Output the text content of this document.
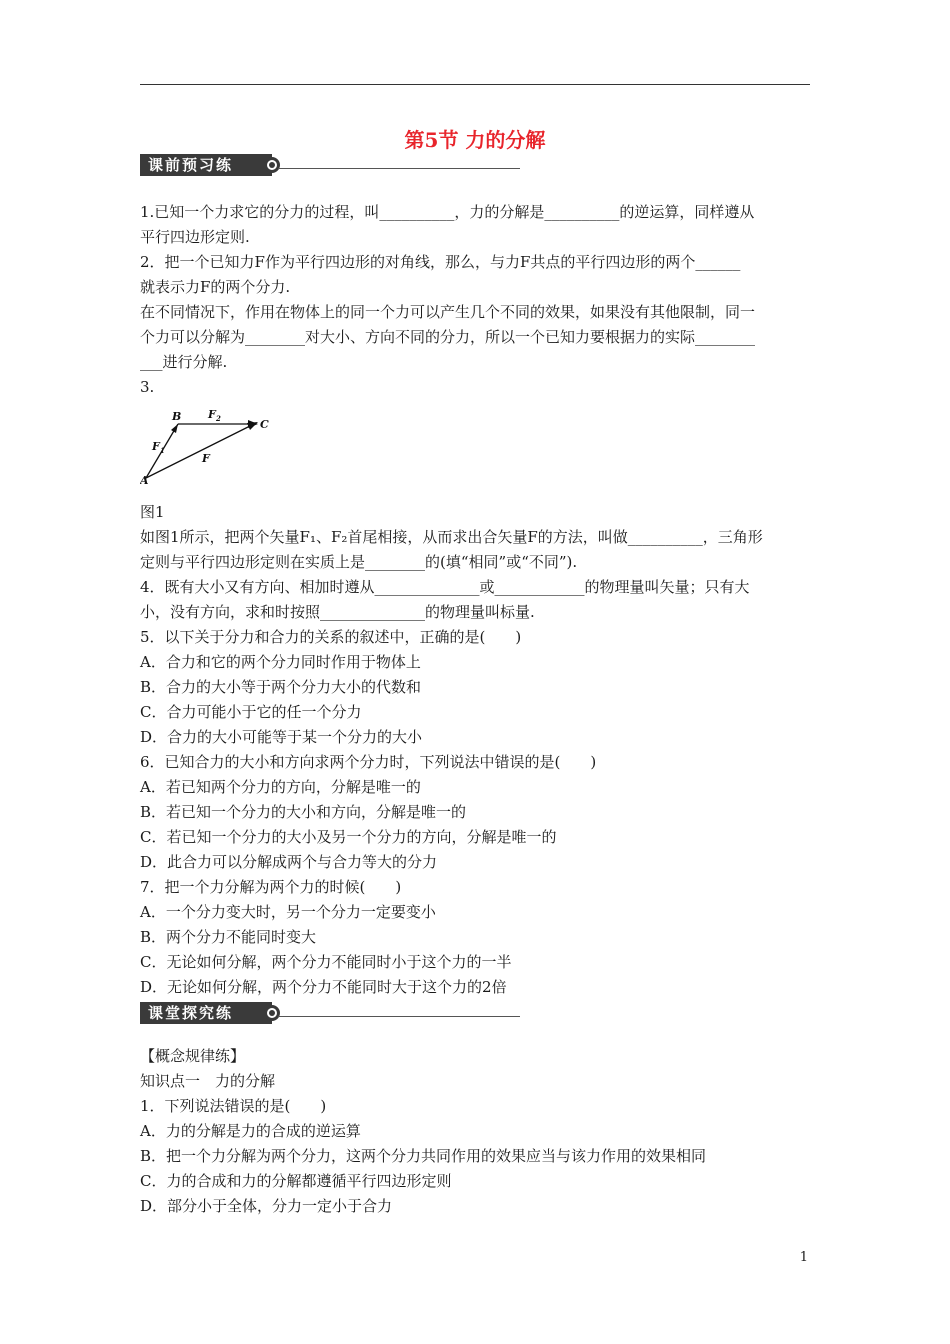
第5节 力的分解
课前预习练

1.已知一个力求它的分力的过程，叫__________，力的分解是__________的逆运算，同样遵从

平行四边形定则.

2．把一个已知力F作为平行四边形的对角线，那么，与力F共点的平行四边形的两个______

就表示力F的两个分力.

在不同情况下，作用在物体上的同一个力可以产生几个不同的效果，如果没有其他限制，同一

个力可以分解为________对大小、方向不同的分力，所以一个已知力要根据力的实际________

___进行分解.

3.

A
B
C
F 1
F 2
F

图1

如图1所示，把两个矢量F₁、F₂首尾相接，从而求出合矢量F的方法，叫做__________，三角形

定则与平行四边形定则在实质上是________的(填“相同”或“不同”).

4．既有大小又有方向、相加时遵从______________或____________的物理量叫矢量；只有大

小，没有方向，求和时按照______________的物理量叫标量.

5．以下关于分力和合力的关系的叙述中，正确的是(　　)

A．合力和它的两个分力同时作用于物体上

B．合力的大小等于两个分力大小的代数和

C．合力可能小于它的任一个分力

D．合力的大小可能等于某一个分力的大小

6．已知合力的大小和方向求两个分力时，下列说法中错误的是(　　)

A．若已知两个分力的方向，分解是唯一的

B．若已知一个分力的大小和方向，分解是唯一的

C．若已知一个分力的大小及另一个分力的方向，分解是唯一的

D．此合力可以分解成两个与合力等大的分力

7．把一个力分解为两个力的时候(　　)

A．一个分力变大时，另一个分力一定要变小

B．两个分力不能同时变大

C．无论如何分解，两个分力不能同时小于这个力的一半

D．无论如何分解，两个分力不能同时大于这个力的2倍

课堂探究练

【概念规律练】

知识点一　力的分解

1．下列说法错误的是(　　)

A．力的分解是力的合成的逆运算

B．把一个力分解为两个分力，这两个分力共同作用的效果应当与该力作用的效果相同

C．力的合成和力的分解都遵循平行四边形定则

D．部分小于全体，分力一定小于合力

1
